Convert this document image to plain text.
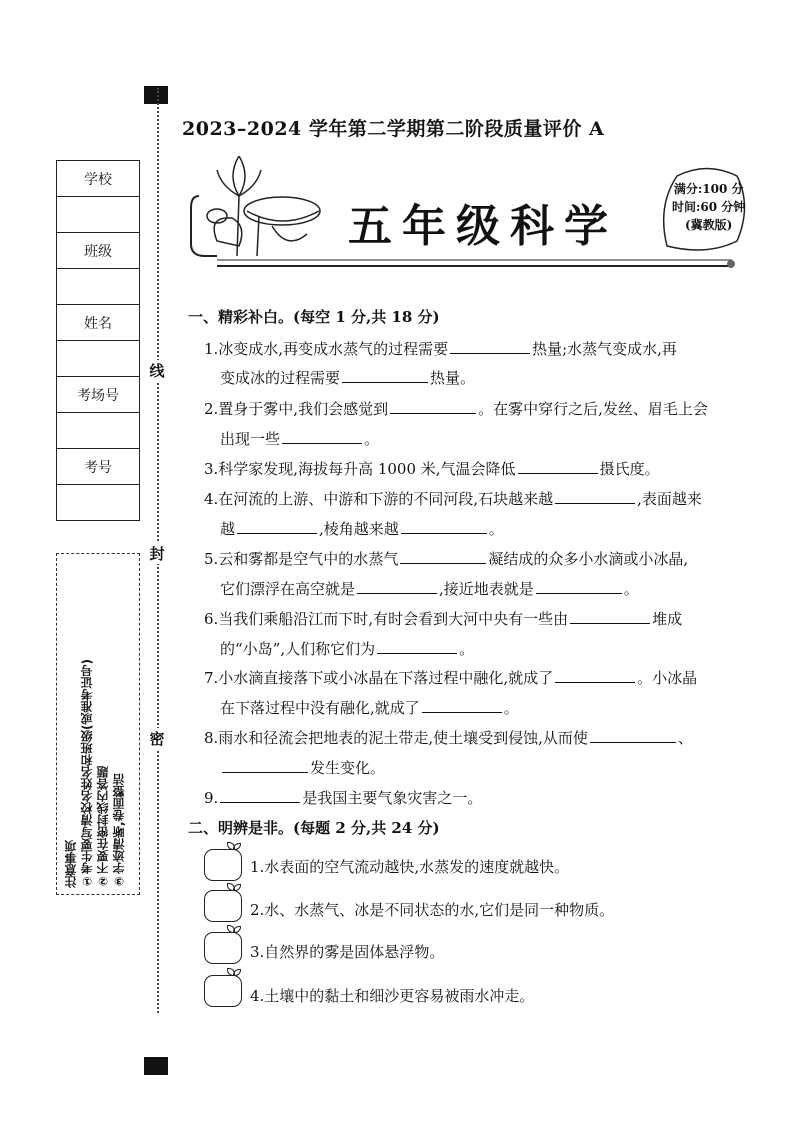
2023–2024 学年第二学期第二阶段质量评价 A
学校
班级
姓名
考场号
考号
线
封
密
注意事项 ①考生要写清校名姓名和班级(或准考证号) ②不要在密封线内答题 ③字迹清晰,卷面整洁
五年级科学
满分:100 分
时间:60 分钟
(冀教版)
一、精彩补白。(每空 1 分,共 18 分)
1.冰变成水,再变成水蒸气的过程需要	热量;水蒸气变成水,再
变成冰的过程需要	热量。
2.置身于雾中,我们会感觉到	。在雾中穿行之后,发丝、眉毛上会
出现一些	。
3.科学家发现,海拔每升高 1000 米,气温会降低	摄氏度。
4.在河流的上游、中游和下游的不同河段,石块越来越	,表面越来
越	,棱角越来越	。
5.云和雾都是空气中的水蒸气	凝结成的众多小水滴或小冰晶,
它们漂浮在高空就是	,接近地表就是	。
6.当我们乘船沿江而下时,有时会看到大河中央有一些由	堆成
的“小岛”,人们称它们为	。
7.小水滴直接落下或小冰晶在下落过程中融化,就成了	。小冰晶
在下落过程中没有融化,就成了	。
8.雨水和径流会把地表的泥土带走,使土壤受到侵蚀,从而使	、
发生变化。
9.	是我国主要气象灾害之一。
二、明辨是非。(每题 2 分,共 24 分)
1.水表面的空气流动越快,水蒸发的速度就越快。
2.水、水蒸气、冰是不同状态的水,它们是同一种物质。
3.自然界的雾是固体悬浮物。
4.土壤中的黏土和细沙更容易被雨水冲走。
